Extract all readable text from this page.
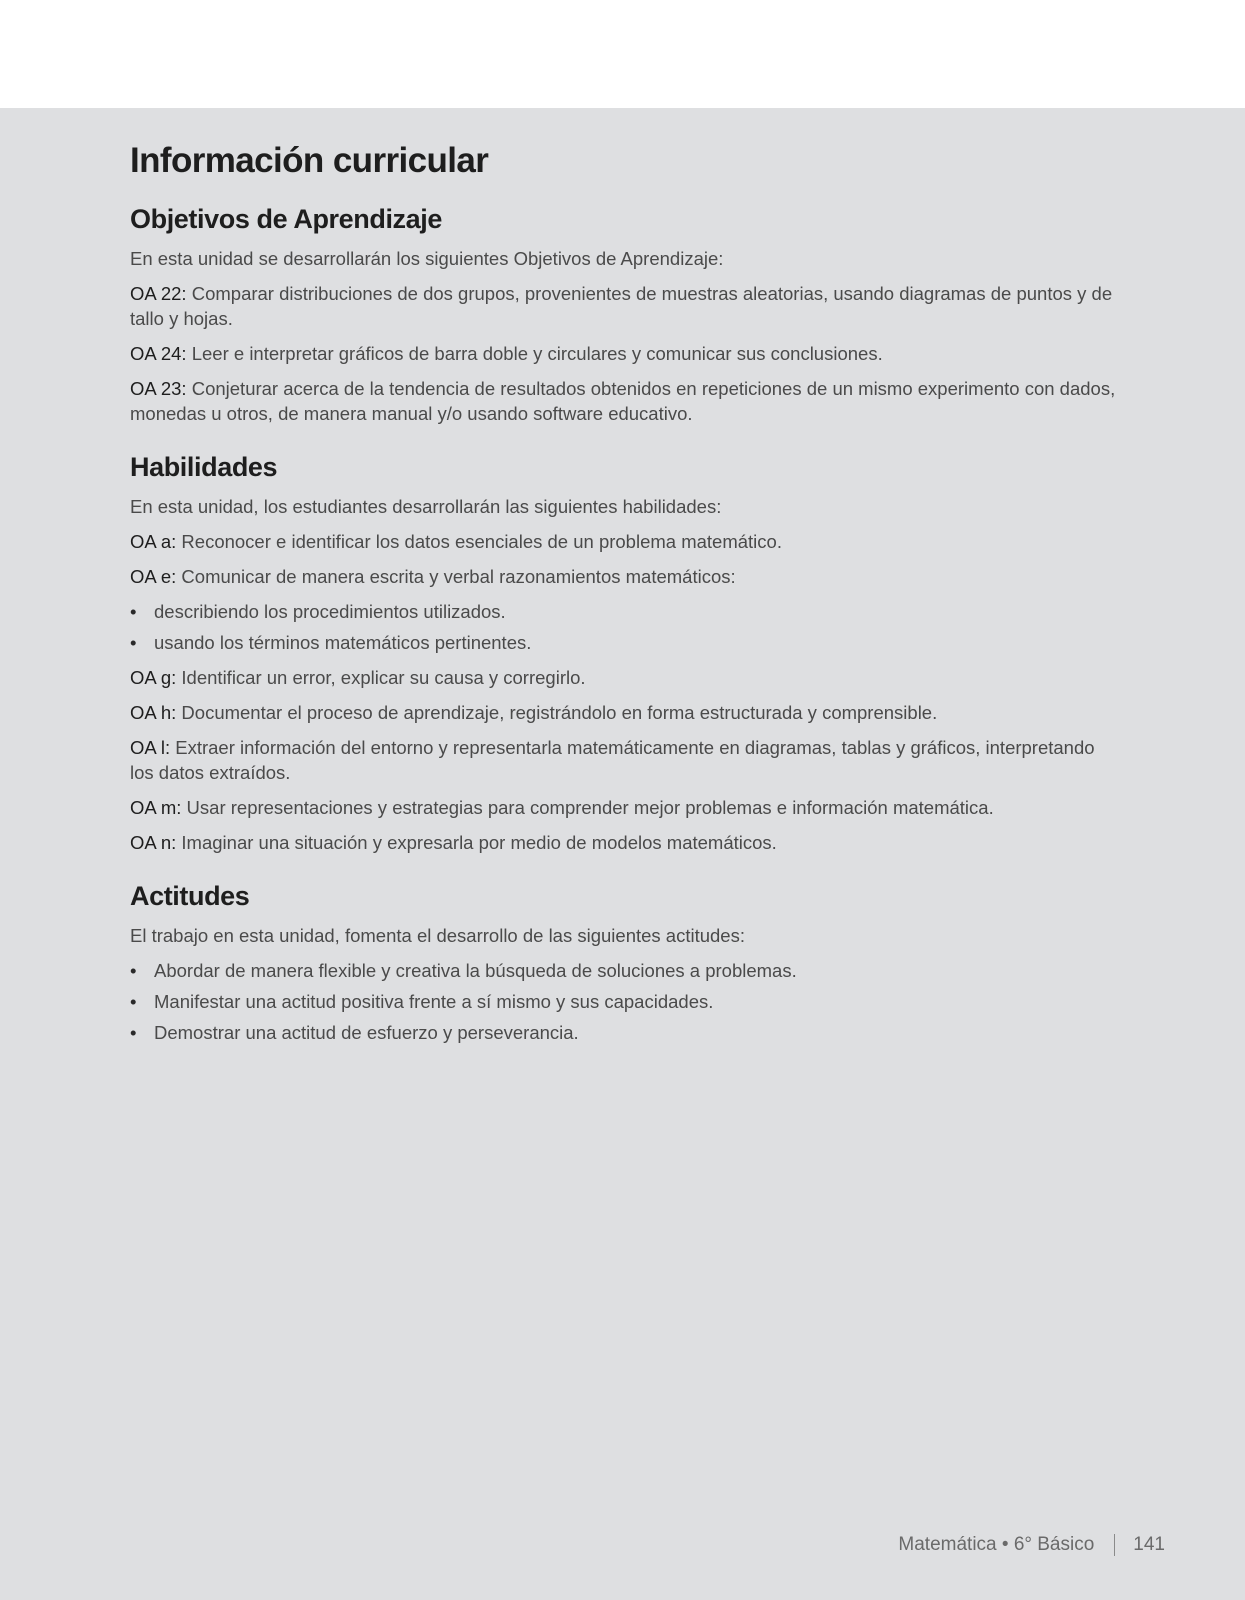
Información curricular
Objetivos de Aprendizaje

En esta unidad se desarrollarán los siguientes Objetivos de Aprendizaje:

OA 22: Comparar distribuciones de dos grupos, provenientes de muestras aleatorias, usando diagramas de puntos y de tallo y hojas.

OA 24: Leer e interpretar gráficos de barra doble y circulares y comunicar sus conclusiones.

OA 23: Conjeturar acerca de la tendencia de resultados obtenidos en repeticiones de un mismo experimento con dados, monedas u otros, de manera manual y/o usando software educativo.

Habilidades

En esta unidad, los estudiantes desarrollarán las siguientes habilidades:

OA a: Reconocer e identificar los datos esenciales de un problema matemático.

OA e: Comunicar de manera escrita y verbal razonamientos matemáticos:

• describiendo los procedimientos utilizados.
• usando los términos matemáticos pertinentes.

OA g: Identificar un error, explicar su causa y corregirlo.

OA h: Documentar el proceso de aprendizaje, registrándolo en forma estructurada y comprensible.

OA l: Extraer información del entorno y representarla matemáticamente en diagramas, tablas y gráficos, interpretando los datos extraídos.

OA m: Usar representaciones y estrategias para comprender mejor problemas e información matemática.

OA n: Imaginar una situación y expresarla por medio de modelos matemáticos.

Actitudes

El trabajo en esta unidad, fomenta el desarrollo de las siguientes actitudes:

• Abordar de manera flexible y creativa la búsqueda de soluciones a problemas.
• Manifestar una actitud positiva frente a sí mismo y sus capacidades.
• Demostrar una actitud de esfuerzo y perseverancia.
Matemática • 6° Básico 141
